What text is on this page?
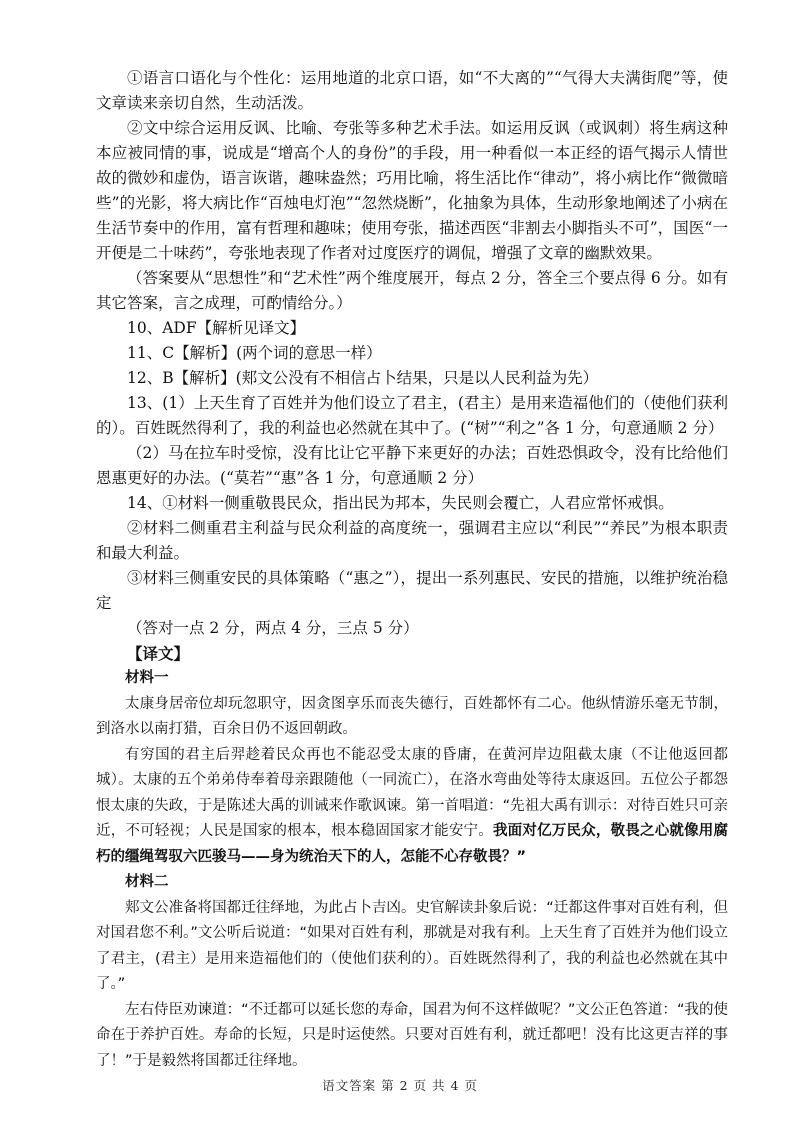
①语言口语化与个性化：运用地道的北京口语，如“不大离的”“气得大夫满街爬”等，使文章读来亲切自然，生动活泼。

②文中综合运用反讽、比喻、夸张等多种艺术手法。如运用反讽（或讽刺）将生病这种本应被同情的事，说成是“增高个人的身份”的手段，用一种看似一本正经的语气揭示人情世故的微妙和虚伪，语言诙谐，趣味盎然；巧用比喻，将生活比作“律动”，将小病比作“微微暗些”的光影，将大病比作“百烛电灯泡”“忽然烧断”，化抽象为具体，生动形象地阐述了小病在生活节奏中的作用，富有哲理和趣味；使用夸张，描述西医“非割去小脚指头不可”，国医“一开便是二十味药”，夸张地表现了作者对过度医疗的调侃，增强了文章的幽默效果。

（答案要从“思想性”和“艺术性”两个维度展开，每点 2 分，答全三个要点得 6 分。如有其它答案，言之成理，可酌情给分。）

10、ADF【解析见译文】

11、C【解析】(两个词的意思一样）

12、B【解析】(郏文公没有不相信占卜结果，只是以人民利益为先）

13、(1）上天生育了百姓并为他们设立了君主，(君主）是用来造福他们的（使他们获利的）。百姓既然得利了，我的利益也必然就在其中了。(“树”“利之”各 1 分，句意通顺 2 分）

（2）马在拉车时受惊，没有比让它平静下来更好的办法；百姓恐惧政令，没有比给他们恩惠更好的办法。(“莫若”“惠”各 1 分，句意通顺 2 分）

14、①材料一侧重敬畏民众，指出民为邦本，失民则会覆亡，人君应常怀戒惧。

②材料二侧重君主利益与民众利益的高度统一，强调君主应以“利民”“养民”为根本职责和最大利益。

③材料三侧重安民的具体策略（“惠之”），提出一系列惠民、安民的措施，以维护统治稳定

（答对一点 2 分，两点 4 分，三点 5 分）

【译文】

材料一

太康身居帝位却玩忽职守，因贪图享乐而丧失德行，百姓都怀有二心。他纵情游乐毫无节制，到洛水以南打猎，百余日仍不返回朝政。

有穷国的君主后羿趁着民众再也不能忍受太康的昏庸，在黄河岸边阻截太康（不让他返回都城）。太康的五个弟弟侍奉着母亲跟随他（一同流亡），在洛水弯曲处等待太康返回。五位公子都怨恨太康的失政，于是陈述大禹的训诫来作歌讽谏。第一首唱道：“先祖大禹有训示：对待百姓只可亲近，不可轻视；人民是国家的根本，根本稳固国家才能安宁。我面对亿万民众，敬畏之心就像用腐朽的缰绳驾驭六匹骏马——身为统治天下的人，怎能不心存敬畏？”

材料二

郏文公准备将国都迁往绎地，为此占卜吉凶。史官解读卦象后说：“迁都这件事对百姓有利，但对国君您不利。”文公听后说道：“如果对百姓有利，那就是对我有利。上天生育了百姓并为他们设立了君主，(君主）是用来造福他们的（使他们获利的）。百姓既然得利了，我的利益也必然就在其中了。”

左右侍臣劝谏道：“不迁都可以延长您的寿命，国君为何不这样做呢？”文公正色答道：“我的使命在于养护百姓。寿命的长短，只是时运使然。只要对百姓有利，就迁都吧！没有比这更吉祥的事了！”于是毅然将国都迁往绎地。

语文答案 第 2 页 共 4 页
